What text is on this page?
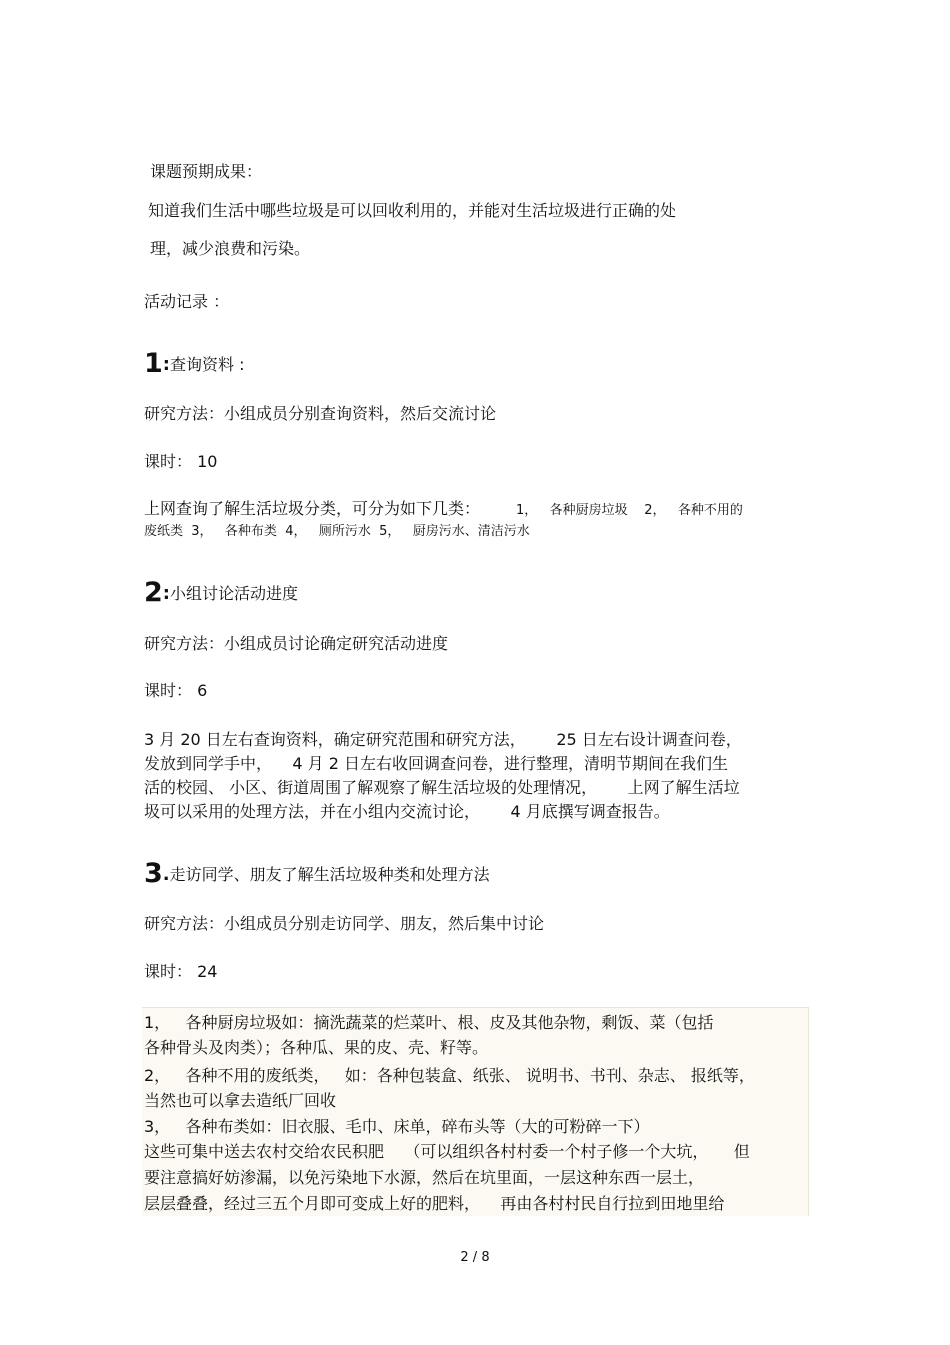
课题预期成果：
知道我们生活中哪些垃圾是可以回收利用的，并能对生活垃圾进行正确的处
理，减少浪费和污染。
活动记录 ：
1:查询资料 :
研究方法：小组成员分别查询资料，然后交流讨论
课时： 10
上网查询了解生活垃圾分类，可分为如下几类：	1，   各种厨房垃圾    2，   各种不用的
废纸类  3，   各种布类  4，   厕所污水  5，   厨房污水、清洁污水
2:小组讨论活动进度
研究方法：小组成员讨论确定研究活动进度
课时： 6
3 月 20 日左右查询资料，确定研究范围和研究方法，      25 日左右设计调查问卷，
发放到同学手中，    4 月 2 日左右收回调查问卷，进行整理，清明节期间在我们生
活的校园、 小区、街道周围了解观察了解生活垃圾的处理情况，      上网了解生活垃
圾可以采用的处理方法，并在小组内交流讨论，      4 月底撰写调查报告。
3.走访同学、朋友了解生活垃圾种类和处理方法
研究方法：小组成员分别走访同学、朋友，然后集中讨论
课时： 24
1，   各种厨房垃圾如：摘洗蔬菜的烂菜叶、根、皮及其他杂物，剩饭、菜（包括
各种骨头及肉类）；各种瓜、果的皮、壳、籽等。
2，   各种不用的废纸类，   如：各种包装盒、纸张、 说明书、书刊、杂志、 报纸等，
当然也可以拿去造纸厂回收
3，   各种布类如：旧衣服、毛巾、床单，碎布头等（大的可粉碎一下）
这些可集中送去农村交给农民积肥    （可以组织各村村委一个村子修一个大坑，     但
要注意搞好妨渗漏，以免污染地下水源，然后在坑里面，一层这种东西一层土，
层层叠叠，经过三五个月即可变成上好的肥料，    再由各村村民自行拉到田地里给
2 / 8
